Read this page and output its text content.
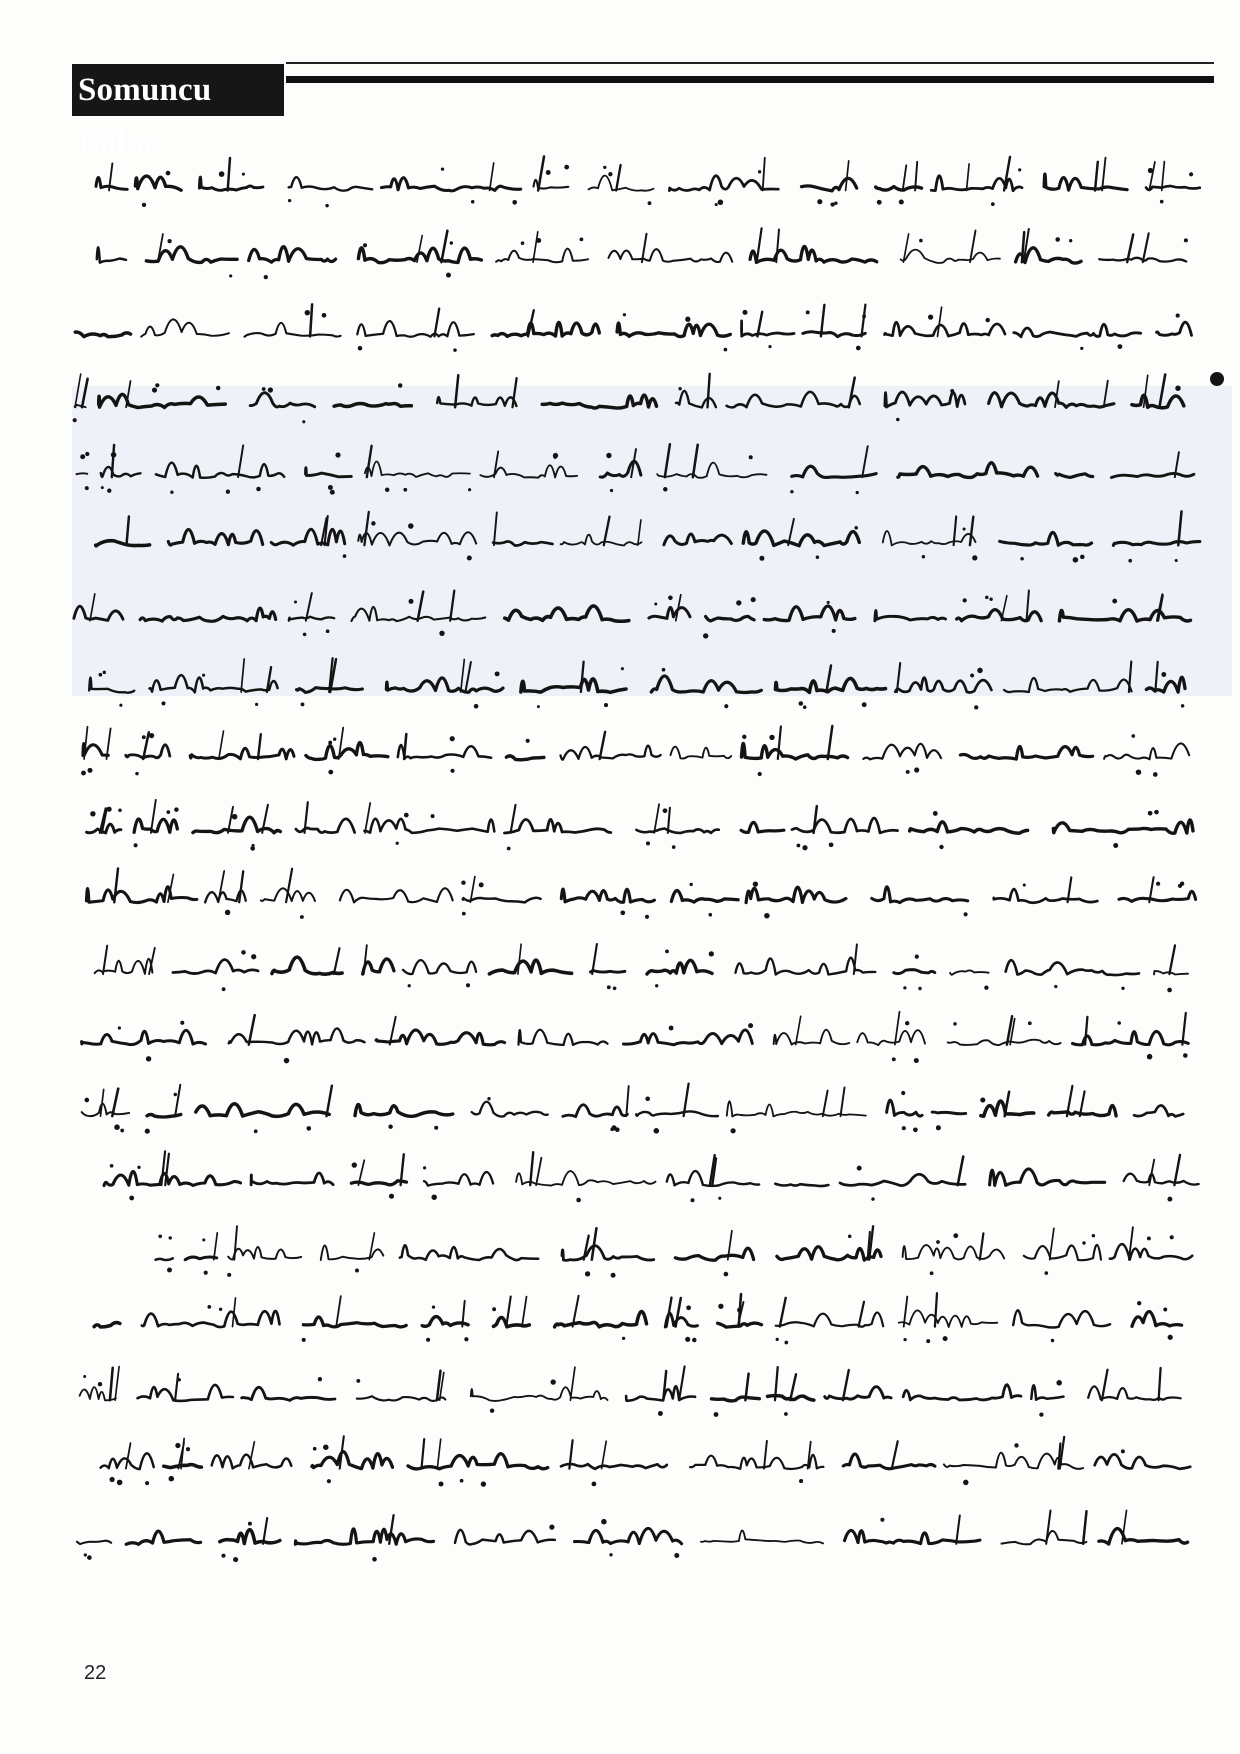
Somuncu Baba
22
